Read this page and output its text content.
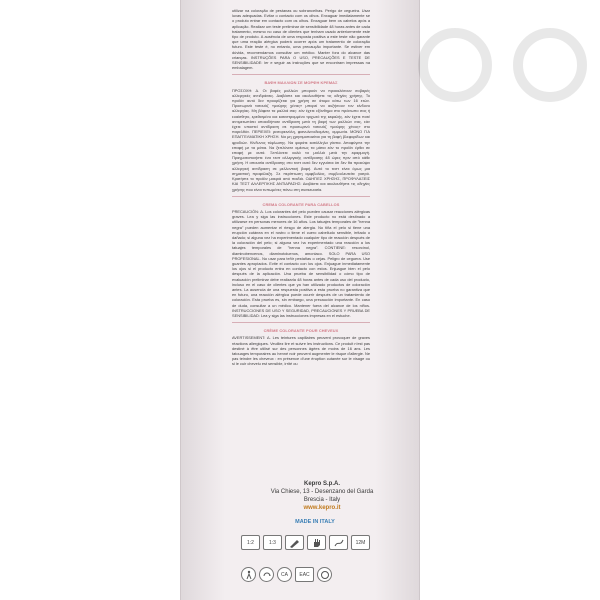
utilizar na coloração de pestanas ou sobrancelhas. Perigo de cegueira. Usar luvas adequadas. Evitar o contacto com os olhos. Enxaguar imediatamente se o produto entrar em contacto com os olhos. Enxaguar bem os cabelos após a aplicação. Realizar um teste preliminar de sensibilidade 48 horas antes de cada tratamento, mesmo no caso de clientes que tenham usado anteriormente este tipo de produto. A ausência de uma resposta positiva a este teste não garante que uma reação alérgica poderá ocorrer após um tratamento de coloração futuro. Este teste é, no entanto, uma precaução importante. Se estiver em dúvida, recomendamos consultar um médico. Manter fora do alcance das crianças. INSTRUÇÕES PARA O USO, PRECAUÇÕES E TESTE DE SENSIBILIDADE: ler e seguir as instruções que se encontram impressas na embalagem.

ΒΑΦΗ ΜΑΛΛΙΩΝ ΣΕ ΜΟΡΦΗ ΚΡΕΜΑΣ

ΠΡΟΣΟΧΗ: Δ. Οι βαφές μαλλιών μπορούν να προκαλέσουν σοβαρές αλλεργικές αντιδράσεις. Διαβάστε και ακολουθήστε τις οδηγίες χρήσης. Το προϊόν αυτό δεν προορίζεται για χρήση σε άτομα κάτω των 16 ετών. Προσωρινά τατουάζ «μαύρης χένας» μπορεί να αυξήσουν τον κίνδυνο αλλεργίας. Μη βάφετε τα μαλλιά σας: εάν έχετε εξάνθημα στο πρόσωπο σας ή ευαίσθητο, ερεθισμένο και κατεστραμμένο τριχωτό της κεφαλής, εάν έχετε ποτέ αντιμετωπίσει οποιαδήποτε αντίδραση μετά τη βαφή των μαλλιών σας, εάν έχετε υποστεί αντίδραση σε προσωρινό τατουάζ «μαύρης χένας» στο παρελθόν. ΠΕΡΙΕΧΕΙ: ρεσορκινόλη, φαινυλενοδιαμίνες, αμμωνία. ΜΟΝΟ ΓΙΑ ΕΠΑΓΓΕΛΜΑΤΙΚΗ ΧΡΗΣΗ. Να μη χρησιμοποιείται για τη βαφή βλεφαρίδων και φρυδιών. Κίνδυνος τύφλωσης. Να φοράτε κατάλληλα γάντια. Αποφύγετε την επαφή με τα μάτια. Να ξεπλύνετε αμέσως τα μάτια εάν το προϊόν έρθει σε επαφή με αυτά. Ξεπλύνετε καλά τα μαλλιά μετά την εφαρμογή. Πραγματοποιήστε ένα τεστ αλλεργικής αντίδρασης 48 ώρες πριν από κάθε χρήση. Η απουσία αντίδρασης στο τεστ αυτό δεν εγγυάται ότι δεν θα προκύψει αλλεργική αντίδραση σε μελλοντική βαφή. Αυτό το τεστ είναι όμως μια σημαντική προφύλαξη. Σε περίπτωση αμφιβολίας, συμβουλευτείτε γιατρό. Κρατήστε το προϊόν μακριά από παιδιά. ΟΔΗΓΙΕΣ ΧΡΗΣΗΣ, ΠΡΟΦΥΛΑΞΕΙΣ ΚΑΙ ΤΕΣΤ ΑΛΛΕΡΓΙΚΗΣ ΑΝΤΙΔΡΑΣΗΣ: Διαβάστε και ακολουθήστε τις οδηγίες χρήσης που είναι τυπωμένες πάνω στη συσκευασία.

CREMA COLORANTE PARA CABELLOS

PRECAUCIÓN: Δ. Los colorantes del pelo pueden causar reacciones alérgicas graves. Lea y siga las instrucciones. Este producto no está destinado a utilizarse en personas menores de 16 años. Los tatuajes temporales de "henna negra" pueden aumentar el riesgo de alergia. No tiña el pelo si tiene una erupción cutánea en el rostro o tiene el cuero cabelludo sensible, irritado o dañado; si alguna vez ha experimentado cualquier tipo de reacción después de la coloración del pelo; si alguna vez ha experimentado una reacción a los tatuajes temporales de "henna negra". CONTIENE: resorcinol, diaminobencenos, diaminotoluenos, amoniaco. SOLO PARA USO PROFESIONAL. No usar para teñir pestañas o cejas. Peligro de ceguera. Use guantes apropiados. Evite el contacto con los ojos. Enjuague inmediatamente los ojos si el producto entra en contacto con estos. Enjuague bien el pelo después de la aplicación. Una prueba de sensibilidad o cómo tipo de evaluación preliminar debe realizarla 48 horas antes de cada uso del producto, incluso en el caso de clientes que ya han utilizado productos de coloración antes. La ausencia de una respuesta positiva a esta prueba no garantiza que en futuro, una reacción alérgica puede ocurrir después de un tratamiento de coloración. Esta prueba es, sin embargo, una precaución importante. En caso de duda, consultar a un médico. Mantener fuera del alcance de los niños. INSTRUCCIONES DE USO Y SEGURIDAD, PRECAUCIONES Y PRUEBA DE SENSIBILIDAD: Lea y siga las instrucciones impresas en el estuche.

CRÈME COLORANTE POUR CHEVEUX

AVERTISSEMENT: Δ. Les teintures capillaires peuvent provoquer de graves réactions allergiques. Veuillez lire et suivre les instructions. Ce produit n'est pas destiné à être utilisé sur des personnes âgées de moins de 16 ans. Les tatouages temporaires au henné noir peuvent augmenter le risque d'allergie. Ne pas teindre les cheveux : en présence d'une éruption cutanée sur le visage ou si le cuir chevelu est sensible, irrité ou

Kepro S.p.A.
Via Chiese, 13 - Desenzano del Garda
Brescia - Italy
www.kepro.it
MADE IN ITALY
1:2	1:3	12M
CA	EAC
